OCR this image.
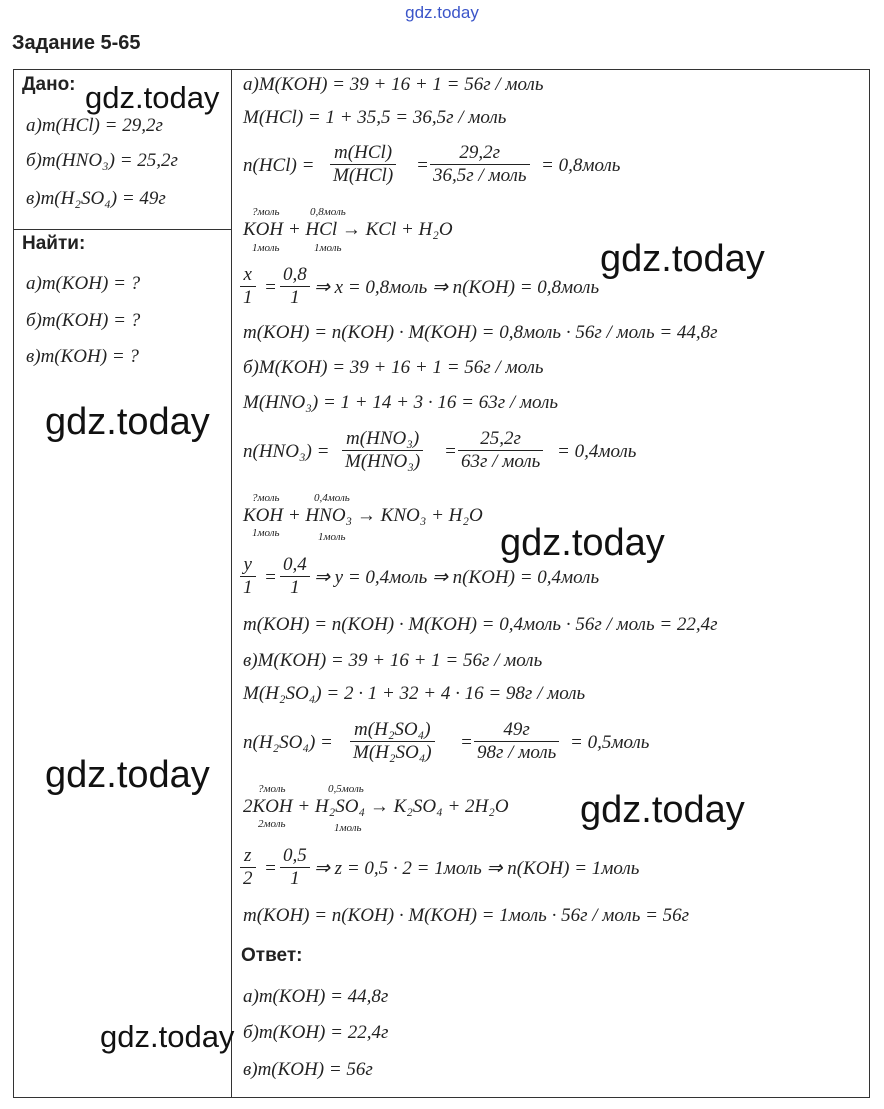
gdz.today
Задание 5-65
Дано:
а)m(HCl) = 29,2г
б)m(HNO₃) = 25,2г
в)m(H₂SO₄) = 49г
Найти:
а)m(KOH) = ?
б)m(KOH) = ?
в)m(KOH) = ?
а)M(KOH) = 39 + 16 + 1 = 56г / моль
M(HCl) = 1 + 35,5 = 36,5г / моль
n(HCl) =
m(HCl)
M(HCl) =
29,2г
36,5г / моль = 0,8моль
?моль	0,8моль
KOH + HCl → KCl + H₂O
1моль	1моль
$\frac{x}{1} = \frac{0,8}{1}$ ⇒ x = 0,8моль ⇒ n(KOH) = 0,8моль
m(KOH) = n(KOH) · M(KOH) = 0,8моль · 56г / моль = 44,8г
б)M(KOH) = 39 + 16 + 1 = 56г / моль
M(HNO₃) = 1 + 14 + 3 · 16 = 63г / моль
n(HNO₃) =
m(HNO₃)
M(HNO₃) =
25,2г
63г / моль = 0,4моль
?моль	0,4моль
KOH + HNO₃ → KNO₃ + H₂O
1моль	1моль
$\frac{y}{1} = \frac{0,4}{1}$ ⇒ y = 0,4моль ⇒ n(KOH) = 0,4моль
m(KOH) = n(KOH) · M(KOH) = 0,4моль · 56г / моль = 22,4г
в)M(KOH) = 39 + 16 + 1 = 56г / моль
M(H₂SO₄) = 2 · 1 + 32 + 4 · 16 = 98г / моль
$n(H_2SO_4) = \frac{\text{m(H₂SO₄)}}{\text{M(H₂SO₄)}}$ =
49г
98г / моль = 0,5моль
?моль	0,5моль
2KOH + H₂SO₄ → K₂SO₄ + 2H₂O
2моль	1моль
$\frac{z}{2} = \frac{0,5}{1}$ ⇒ z = 0,5 · 2 = 1моль ⇒ n(KOH) = 1моль
m(KOH) = n(KOH) · M(KOH) = 1моль · 56г / моль = 56г
Ответ:
а)m(KOH) = 44,8г
б)m(KOH) = 22,4г
в)m(KOH) = 56г
gdz.today
gdz.today
gdz.today
gdz.today
gdz.today
gdz.today
gdz.today
